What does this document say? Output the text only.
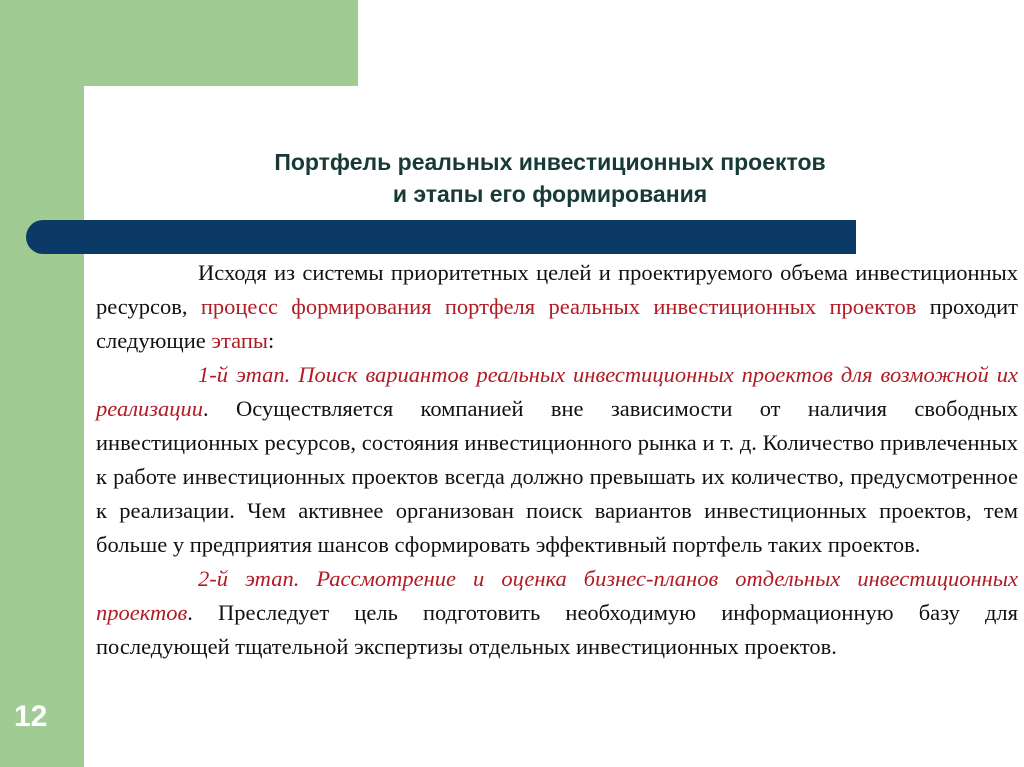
Портфель реальных инвестиционных проектов
и этапы его формирования

Исходя из системы приоритетных целей и проектируемого объема инвестиционных ресурсов, процесс формирования портфеля реальных инвестиционных проектов проходит следующие этапы:

1-й этап. Поиск вариантов реальных инвестиционных проектов для возможной их реализации. Осуществляется компанией вне зависимости от наличия свободных инвестиционных ресурсов, состояния инвестиционного рынка и т. д. Количество привлеченных к работе инвестиционных проектов всегда должно превышать их количество, предусмотренное к реализации. Чем активнее организован поиск вариантов инвестиционных проектов, тем больше у предприятия шансов сформировать эффективный портфель таких проектов.

2-й этап. Рассмотрение и оценка бизнес-планов отдельных инвестиционных проектов. Преследует цель подготовить необходимую информационную базу для последующей тщательной экспертизы отдельных инвестиционных проектов.

12
